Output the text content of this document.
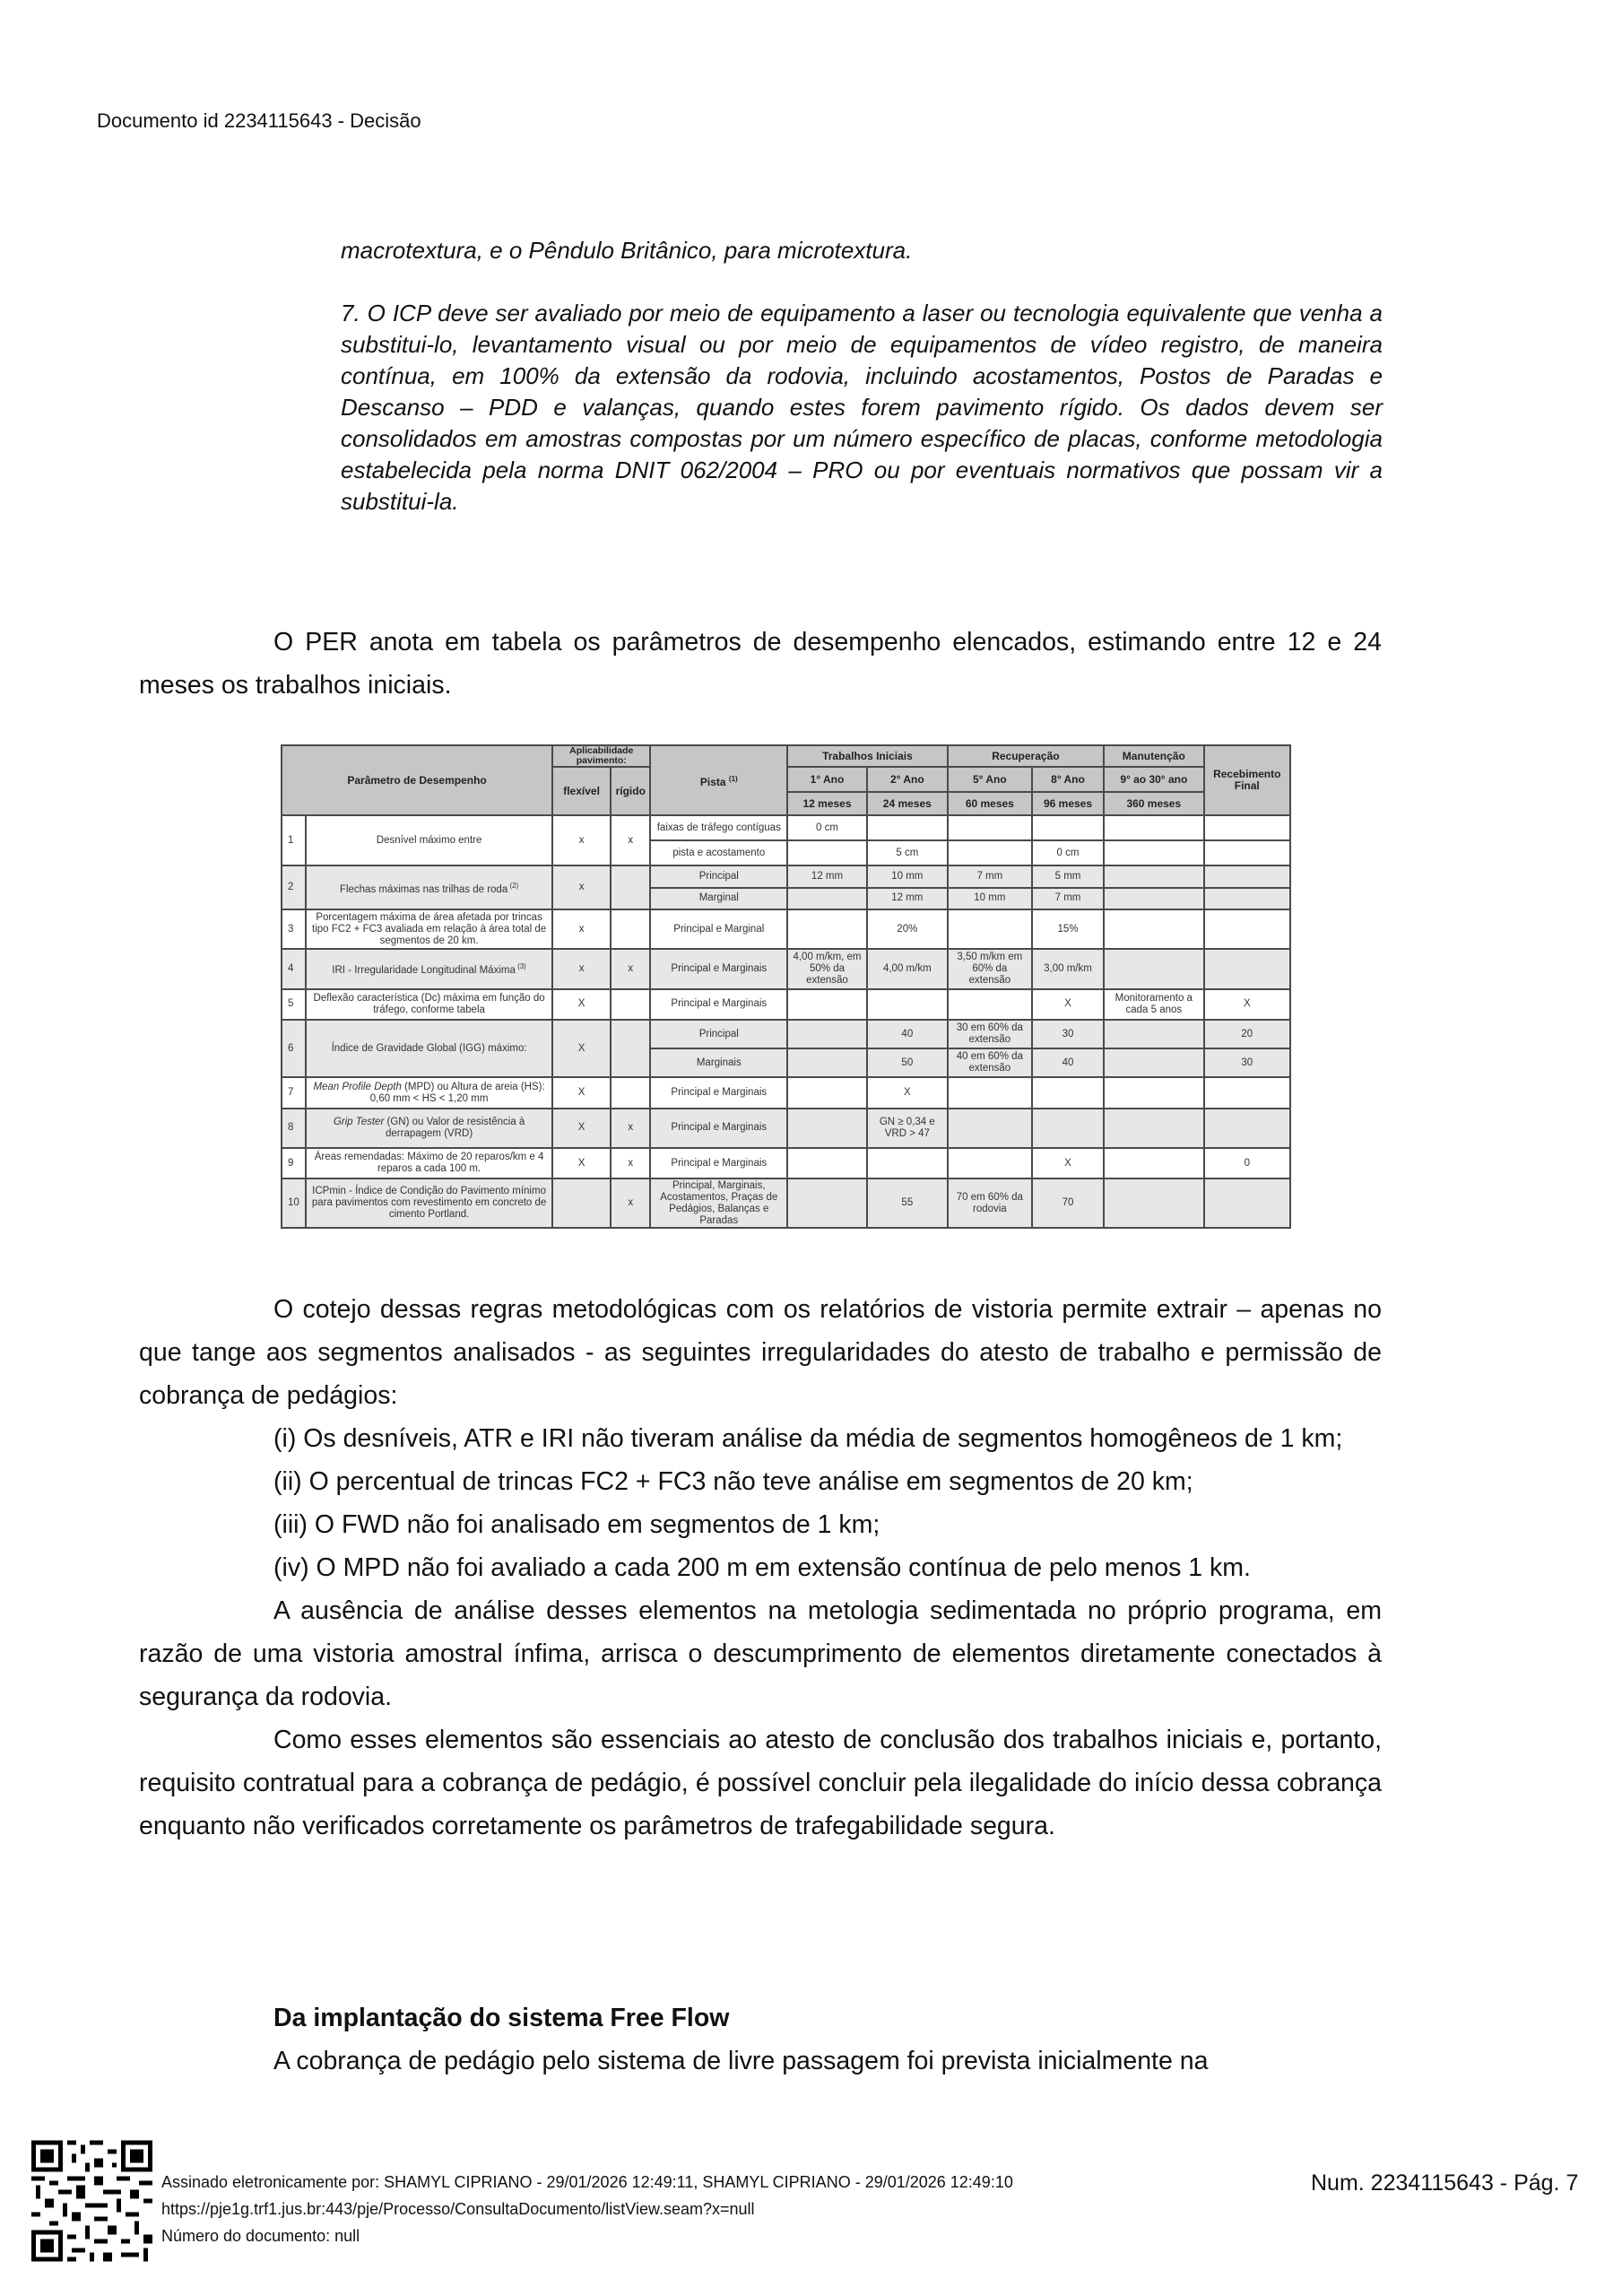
Documento id 2234115643 - Decisão

macrotextura, e o Pêndulo Britânico, para microtextura.

7. O ICP deve ser avaliado por meio de equipamento a laser ou tecnologia equivalente que venha a substitui-lo, levantamento visual ou por meio de equipamentos de vídeo registro, de maneira contínua, em 100% da extensão da rodovia, incluindo acostamentos, Postos de Paradas e Descanso – PDD e valanças, quando estes forem pavimento rígido. Os dados devem ser consolidados em amostras compostas por um número específico de placas, conforme metodologia estabelecida pela norma DNIT 062/2004 – PRO ou por eventuais normativos que possam vir a substitui-la.

O PER anota em tabela os parâmetros de desempenho elencados, estimando entre 12 e 24 meses os trabalhos iniciais.

Parâmetro de Desempenho		Aplicabilidade pavimento:		Pista $^{(1)}$	Trabalhos Iniciais		Recuperação		Manutenção	Recebimento Final
		flexível	rígido		1° Ano	2° Ano	5° Ano	8° Ano	9° ao 30° ano	
					12 meses	24 meses	60 meses	96 meses	360 meses	
1	Desnível máximo entre	x	x	faixas de tráfego contíguas	0 cm					
				pista e acostamento		5 cm		0 cm		
2	Flechas máximas nas trilhas de roda $^{(2)}$	x		Principal	12 mm	10 mm	7 mm	5 mm		
				Marginal		12 mm	10 mm	7 mm		
3	Porcentagem máxima de área afetada por trincas tipo FC2 + FC3 avaliada em relação à área total de segmentos de 20 km.	x		Principal e Marginal		20%		15%		
4	IRI - Irregularidade Longitudinal Máxima $^{(3)}$	x	x	Principal e Marginais	4,00 m/km, em 50% da extensão	4,00 m/km	3,50 m/km em 60% da extensão	3,00 m/km		
5	Deflexão característica (Dc) máxima em função do tráfego, conforme tabela	X		Principal e Marginais				X	Monitoramento a cada 5 anos	X
6	Índice de Gravidade Global (IGG) máximo:	X		Principal		40	30 em 60% da extensão	30		20
				Marginais		50	40 em 60% da extensão	40		30
7	Mean Profile Depth (MPD) ou Altura de areia (HS): 0,60 mm < HS < 1,20 mm	X		Principal e Marginais		X				
8	Grip Tester (GN) ou Valor de resistência à derrapagem (VRD)	X	x	Principal e Marginais		GN ≥ 0,34 e VRD > 47				
9	Áreas remendadas: Máximo de 20 reparos/km e 4 reparos a cada 100 m.	X	x	Principal e Marginais				X		0
10	ICPmin - Índice de Condição do Pavimento mínimo para pavimentos com revestimento em concreto de cimento Portland.		x	Principal, Marginais, Acostamentos, Praças de Pedágios, Balanças e Paradas		55	70 em 60% da rodovia	70		

O cotejo dessas regras metodológicas com os relatórios de vistoria permite extrair – apenas no que tange aos segmentos analisados - as seguintes irregularidades do atesto de trabalho e permissão de cobrança de pedágios:

(i) Os desníveis, ATR e IRI não tiveram análise da média de segmentos homogêneos de 1 km;

(ii) O percentual de trincas FC2 + FC3 não teve análise em segmentos de 20 km;

(iii) O FWD não foi analisado em segmentos de 1 km;

(iv) O MPD não foi avaliado a cada 200 m em extensão contínua de pelo menos 1 km.

A ausência de análise desses elementos na metologia sedimentada no próprio programa, em razão de uma vistoria amostral ínfima, arrisca o descumprimento de elementos diretamente conectados à segurança da rodovia.

Como esses elementos são essenciais ao atesto de conclusão dos trabalhos iniciais e, portanto, requisito contratual para a cobrança de pedágio, é possível concluir pela ilegalidade do início dessa cobrança enquanto não verificados corretamente os parâmetros de trafegabilidade segura.

Da implantação do sistema Free Flow

A cobrança de pedágio pelo sistema de livre passagem foi prevista inicialmente na

Assinado eletronicamente por: SHAMYL CIPRIANO - 29/01/2026 12:49:11, SHAMYL CIPRIANO - 29/01/2026 12:49:10
https://pje1g.trf1.jus.br:443/pje/Processo/ConsultaDocumento/listView.seam?x=null
Número do documento: null
Num. 2234115643 - Pág. 7
